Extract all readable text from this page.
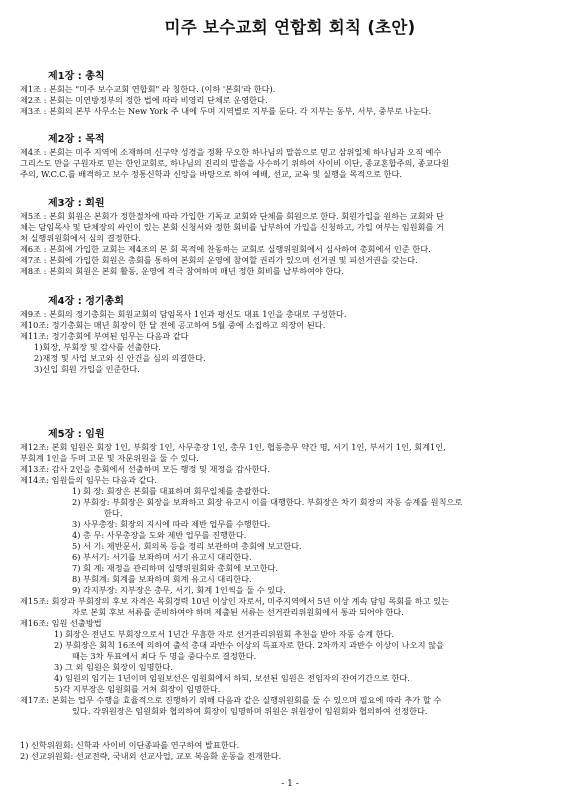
미주 보수교회 연합회 회칙 (초안)
제1장 : 총칙
제1조 : 본회는 "미주 보수교회 연합회" 라 칭한다. (이하 '본회'라 한다).
제2조 : 본회는 미연방정부의 정한 법에 따라 비영리 단체로 운영한다.
제3조 : 본회의 본부 사무소는 New York 주 내에 두며 지역별로 지부를 둔다. 각 지부는 동부, 서부, 중부로 나눈다.
제2장 : 목적
제4조 : 본회는 미주 지역에 소재하며 신구약 성경을 정확 무오한 하나님의 말씀으로 믿고 삼위일체 하나님과 오직 예수
그리스도 만을 구원자로 믿는 한인교회로, 하나님의 진리의 말씀을 사수하기 위하여 사이비 이단, 종교혼합주의, 종교다원
주의, W.C.C.를 배격하고 보수 정통신학과 신앙을 바탕으로 하여 예배, 선교, 교육 및 실행을 목적으로 한다.
제3장 : 회원
제5조 : 본회 회원은 본회가 정한절차에 따라 가입한 기독교 교회와 단체를 회원으로 한다. 회원가입을 원하는 교회와 단
체는 담임목사 및 단체장의 싸인이 있는 본회 신청서와 정한 회비를 납부하여 가입을 신청하고, 가입 여부는 임원회를 거
쳐 실행위원회에서 심의 결정한다.
제6조 : 본회에 가입한 교회는 제4조의 본 회 목적에 찬동하는 교회로 실행위원회에서 심사하여 총회에서 인준 한다.
제7조 : 본회에 가입한 회원은 총회를 통하여 본회의 운영에 참여할 권리가 있으며 선거권 및 피선거권을 갖는다.
제8조 : 본회의 회원은 본회 활동, 운영에 적극 참여하며 매년 정한 회비를 납부하여야 한다.
제4장 : 정기총회
제9조 : 본회의 정기총회는 회원교회의 담임목사 1인과 평신도 대표 1인을 총대로 구성한다.
제10조: 정기총회는 매년 회장이 한 달 전에 공고하여 5월 중에 소집하고 의장이 된다.
제11조: 정기총회에 부여된 임무는 다음과 같다
1)회장, 부회장 및 감사를 선출한다.
2)재정 및 사업 보고와 신 안건을 심의 의결한다.
3)신입 회원 가입을 인준한다.
제5장 : 임원
제12조: 본회 임원은 회장 1인, 부회장 1인, 사무총장 1인, 총무 1인, 협동총무 약간 명, 서기 1인, 부서기 1인, 회계1인,
부회계 1인을 두며 고문 및 자문위원을 둘 수 있다.
제13조: 감사 2인을 총회에서 선출하며 모든 행정 및 재정을 감사한다.
제14조: 임원들의 임무는 다음과 같다.
1) 회 장: 회장은 본회를 대표하며 회무일체를 총괄한다.
2) 부회장: 부회장은 회장을 보좌하고 회장 유고시 이를 대행한다. 부회장은 차기 회장의 자동 승계를 원칙으로
한다.
3) 사무총장: 회장의 지시에 따라 제반 업무를 수행한다.
4) 총 무: 사무총장을 도와 제반 업무를 진행한다.
5) 서 기: 제반문서, 회의록 등을 정리 보관하며 총회에 보고한다.
6) 부서기: 서기를 보좌하며 서기 유고시 대리한다.
7) 회 계: 재정을 관리하며 실행위원회와 총회에 보고한다.
8) 부회계: 회계를 보좌하며 회계 유고시 대리한다.
9) 각지부장: 지부장은 총무, 서기, 회계 1인씩을 둘 수 있다.
제15조: 회장과 부회장의 후보 자격은 목회경력 10년 이상인 자로서, 미주지역에서 5년 이상 계속 담임 목회를 하고 있는
자로 본회 후보 서류를 준비하여야 하며 제출된 서류는 선거관리위원회에서 통과 되어야 한다.
제16조: 임원 선출방법
1) 회장은 전년도 부회장으로서 1년간 무흠한 자로 선거관리위원회 추천을 받아 자동 승계 한다.
2) 부회장은 회칙 16조에 의하여 출석 총대 과반수 이상의 득표자로 한다. 2차까지 과반수 이상이 나오지 않을
때는 3차 투표에서 최다 두 명을 중다수로 결정한다.
3) 그 외 임원은 회장이 임명한다.
4) 임원의 임기는 1년이며 임원보선은 임원회에서 하되, 보선된 임원은 전임자의 잔여기간으로 한다.
5)각 지부장은 임원회를 거쳐 회장이 임명한다.
제17조: 본회는 업무 수행을 효율적으로 진행하기 위해 다음과 같은 실행위원회를 둘 수 있으며 필요에 따라 추가 할 수
있다. 각위원장은 임원회와 협의하여 회장이 임명하며 위원은 위원장이 임원회와 협의하여 선정한다.
1) 신학위원회: 신학과 사이비 이단종파를 연구하여 발표한다.
2) 선교위원회: 선교전략, 국내외 선교사업, 교포 복음화 운동을 전개한다.
- 1 -
